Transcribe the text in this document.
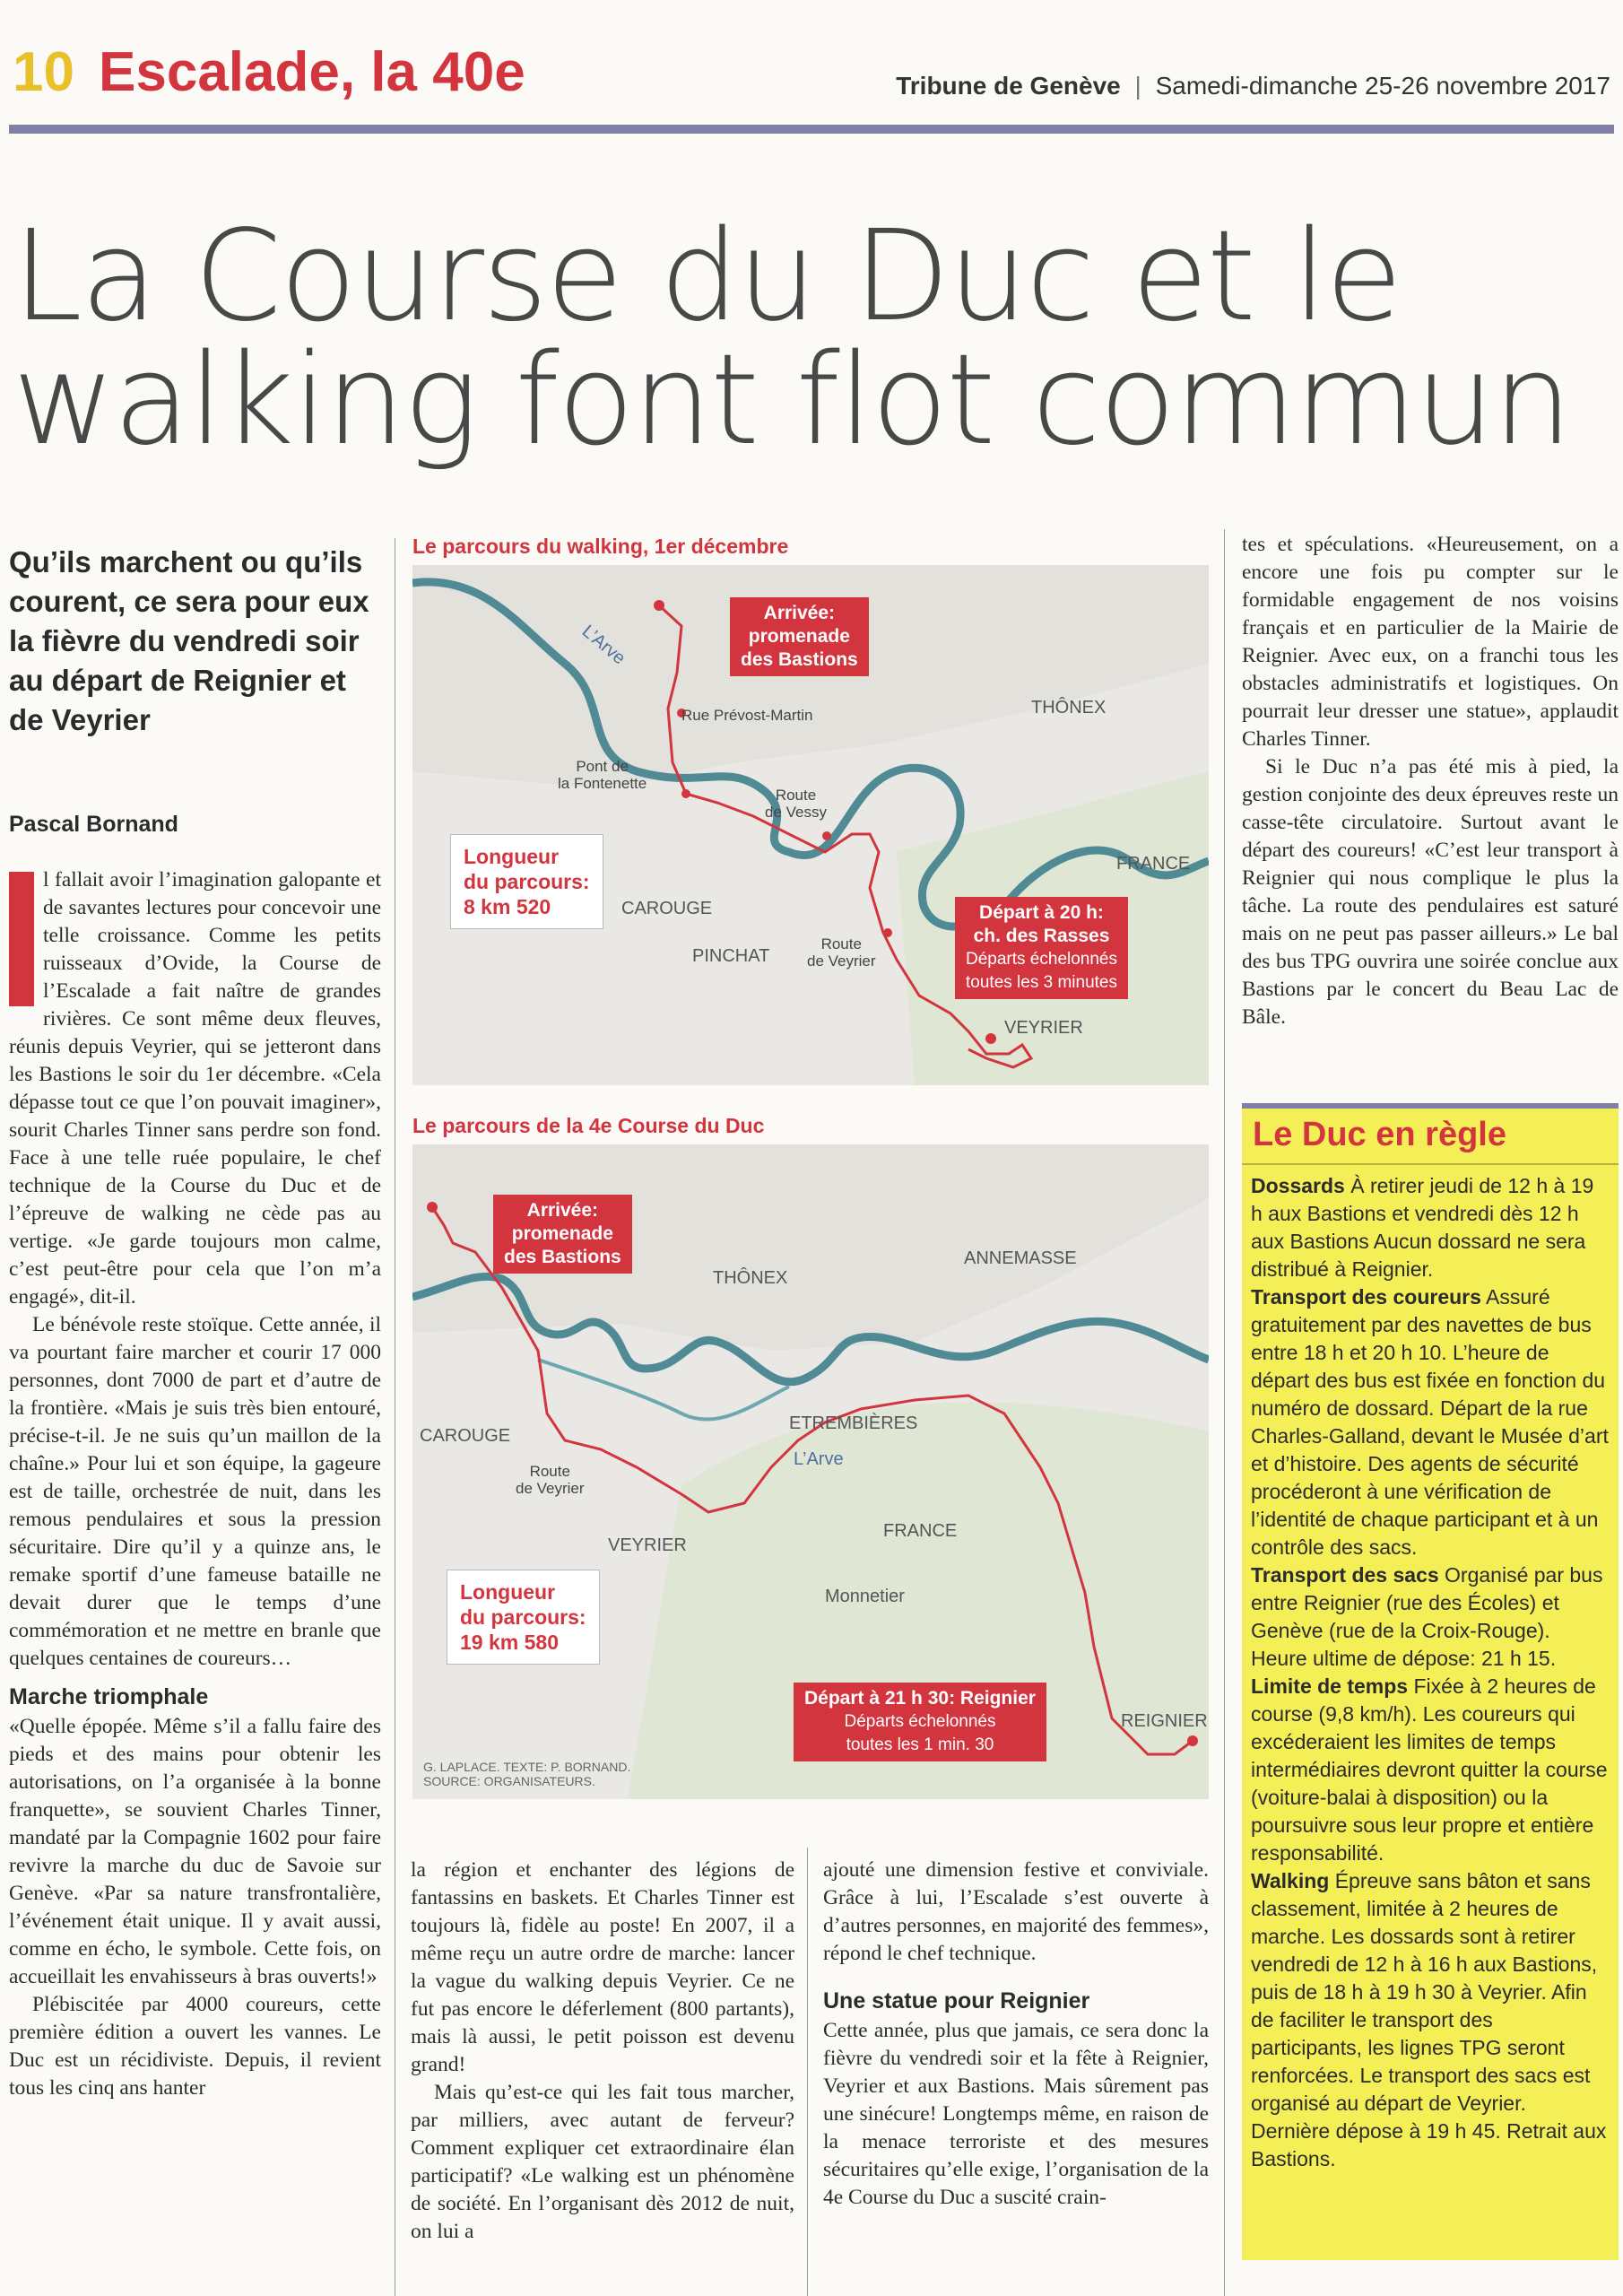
10 Escalade, la 40e	Tribune de Genève | Samedi-dimanche 25-26 novembre 2017
La Course du Duc et le
walking font flot commun
Qu’ils marchent ou qu’ils courent, ce sera pour eux la fièvre du vendredi soir au départ de Reignier et de Veyrier
Pascal Bornand

l fallait avoir l’imagination galopante et de savantes lectures pour concevoir une telle croissance. Comme les petits ruisseaux d’Ovide, la Course de l’Escalade a fait naître de grandes rivières. Ce sont même deux fleuves, réunis depuis Veyrier, qui se jetteront dans les Bastions le soir du 1er décembre. «Cela dépasse tout ce que l’on pouvait imaginer», sourit Charles Tinner sans perdre son fond. Face à une telle ruée populaire, le chef technique de la Course du Duc et de l’épreuve de walking ne cède pas au vertige. «Je garde toujours mon calme, c’est peut-être pour cela que l’on m’a engagé», dit-il.

Le bénévole reste stoïque. Cette année, il va pourtant faire marcher et courir 17 000 personnes, dont 7000 de part et d’autre de la frontière. «Mais je suis très bien entouré, précise-t-il. Je ne suis qu’un maillon de la chaîne.» Pour lui et son équipe, la gageure est de taille, orchestrée de nuit, dans les remous pendulaires et sous la pression sécuritaire. Dire qu’il y a quinze ans, le remake sportif d’une fameuse bataille ne devait durer que le temps d’une commémoration et ne mettre en branle que quelques centaines de coureurs…

Marche triomphale

«Quelle épopée. Même s’il a fallu faire des pieds et des mains pour obtenir les autorisations, on l’a organisée à la bonne franquette», se souvient Charles Tinner, mandaté par la Compagnie 1602 pour faire revivre la marche du duc de Savoie sur Genève. «Par sa nature transfrontalière, l’événement était unique. Il y avait aussi, comme en écho, le symbole. Cette fois, on accueillait les envahisseurs à bras ouverts!»

Plébiscitée par 4000 coureurs, cette première édition a ouvert les vannes. Le Duc est un récidiviste. Depuis, il revient tous les cinq ans hanter

Le parcours du walking, 1er décembre
L’Arve
Arrivée:
promenade
des Bastions
Rue Prévost-Martin
Pont de
la Fontenette
Route
de Vessy
Route
de Veyrier
THÔNEX
FRANCE
CAROUGE
PINCHAT
VEYRIER
Longueur
du parcours:
8 km 520	Départ à 20 h:
ch. des Rasses
Départs échelonnés
toutes les 3 minutes
Le parcours de la 4e Course du Duc
Arrivée:
promenade
des Bastions
THÔNEX
ANNEMASSE
CAROUGE
ETREMBIÈRES
L’Arve
Route
de Veyrier
FRANCE
VEYRIER
Monnetier
REIGNIER
Longueur
du parcours:
19 km 580
Départ à 21 h 30: Reignier
Départs échelonnés
toutes les 1 min. 30
G. LAPLACE. TEXTE: P. BORNAND.
SOURCE: ORGANISATEURS.

la région et enchanter des légions de fantassins en baskets. Et Charles Tinner est toujours là, fidèle au poste! En 2007, il a même reçu un autre ordre de marche: lancer la vague du walking depuis Veyrier. Ce ne fut pas encore le déferlement (800 partants), mais là aussi, le petit poisson est devenu grand!

Mais qu’est-ce qui les fait tous marcher, par milliers, avec autant de ferveur? Comment expliquer cet extraordinaire élan participatif? «Le walking est un phénomène de société. En l’organisant dès 2012 de nuit, on lui a

ajouté une dimension festive et conviviale. Grâce à lui, l’Escalade s’est ouverte à d’autres personnes, en majorité des femmes», répond le chef technique.

Une statue pour Reignier

Cette année, plus que jamais, ce sera donc la fièvre du vendredi soir et la fête à Reignier, Veyrier et aux Bastions. Mais sûrement pas une sinécure! Longtemps même, en raison de la menace terroriste et des mesures sécuritaires qu’elle exige, l’organisation de la 4e Course du Duc a suscité crain-

tes et spéculations. «Heureusement, on a encore une fois pu compter sur le formidable engagement de nos voisins français et en particulier de la Mairie de Reignier. Avec eux, on a franchi tous les obstacles administratifs et logistiques. On pourrait leur dresser une statue», applaudit Charles Tinner.

Si le Duc n’a pas été mis à pied, la gestion conjointe des deux épreuves reste un casse-tête circulatoire. Surtout avant le départ des coureurs! «C’est leur transport à Reignier qui nous complique le plus la tâche. La route des pendulaires est saturé mais on ne peut pas passer ailleurs.» Le bal des bus TPG ouvrira une soirée conclue aux Bastions par le concert du Beau Lac de Bâle.

Le Duc en règle
Dossards À retirer jeudi de 12 h à 19 h aux Bastions et vendredi dès 12 h aux Bastions Aucun dossard ne sera distribué à Reignier.
Transport des coureurs Assuré gratuitement par des navettes de bus entre 18 h et 20 h 10. L’heure de départ des bus est fixée en fonction du numéro de dossard. Départ de la rue Charles-Galland, devant le Musée d’art et d’histoire. Des agents de sécurité procéderont à une vérification de l’identité de chaque participant et à un contrôle des sacs.
Transport des sacs Organisé par bus entre Reignier (rue des Écoles) et Genève (rue de la Croix-Rouge). Heure ultime de dépose: 21 h 15.
Limite de temps Fixée à 2 heures de course (9,8 km/h). Les coureurs qui excéderaient les limites de temps intermédiaires devront quitter la course (voiture-balai à disposition) ou la poursuivre sous leur propre et entière responsabilité.
Walking Épreuve sans bâton et sans classement, limitée à 2 heures de marche. Les dossards sont à retirer vendredi de 12 h à 16 h aux Bastions, puis de 18 h à 19 h 30 à Veyrier. Afin de faciliter le transport des participants, les lignes TPG seront renforcées. Le transport des sacs est organisé au départ de Veyrier. Dernière dépose à 19 h 45. Retrait aux Bastions.
